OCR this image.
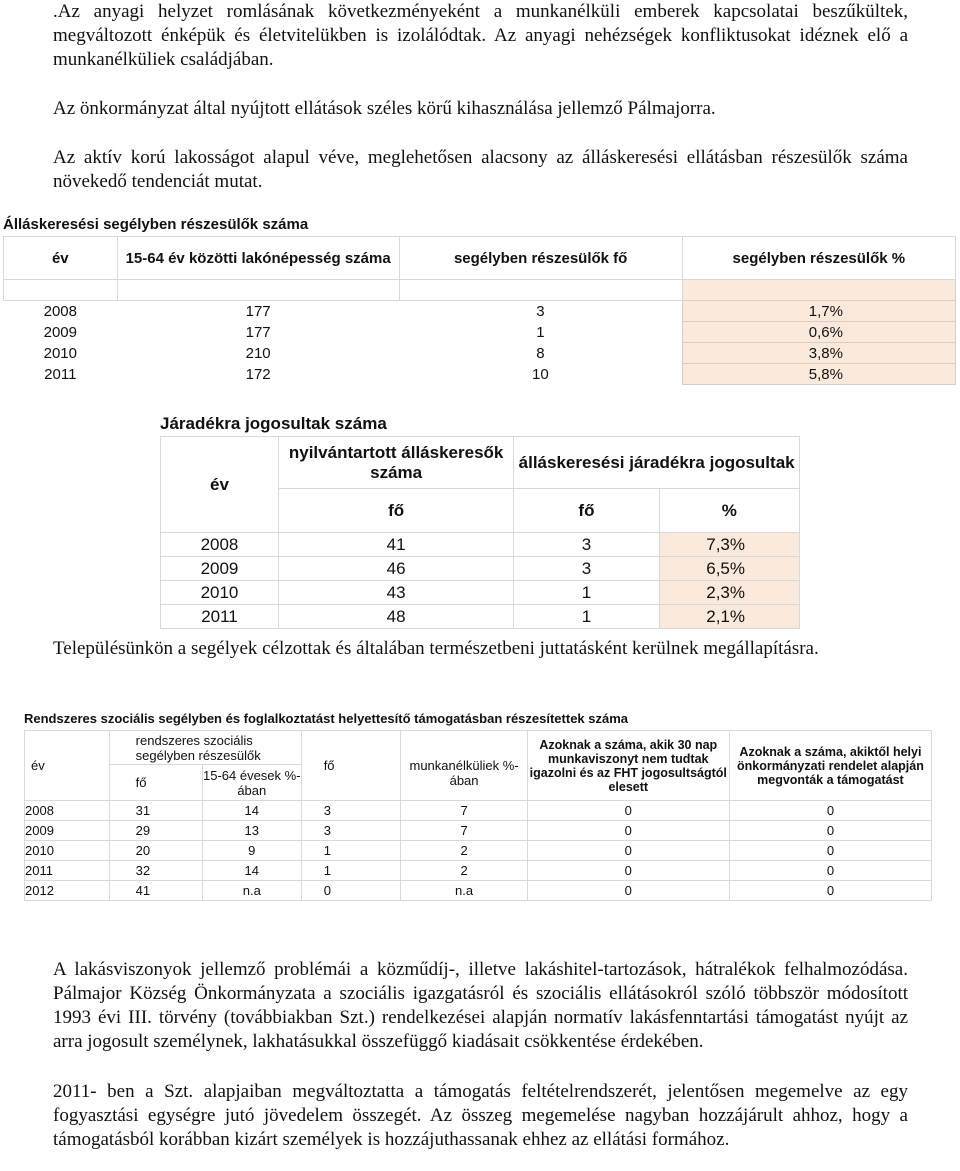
.Az anyagi helyzet romlásának következményeként a munkanélküli emberek kapcsolatai beszűkültek, megváltozott énképük és életvitelükben is izolálódtak. Az anyagi nehézségek konfliktusokat idéznek elő a munkanélküliek családjában.

Az önkormányzat által nyújtott ellátások széles körű kihasználása jellemző Pálmajorra.

Az aktív korú lakosságot alapul véve, meglehetősen alacsony az álláskeresési ellátásban részesülők száma növekedő tendenciát mutat.

Álláskeresési segélyben részesülők száma
év	15-64 év közötti lakónépesség száma	segélyben részesülők fő	segélyben részesülők %

2008	177	3	1,7%
2009	177	1	0,6%
2010	210	8	3,8%
2011	172	10	5,8%
Járadékra jogosultak száma
év	nyilvántartott álláskeresők száma	álláskeresési járadékra jogosultak	
	fő	fő	%
2008	41	3	7,3%
2009	46	3	6,5%
2010	43	1	2,3%
2011	48	1	2,1%

Településünkön a segélyek célzottak és általában természetbeni juttatásként kerülnek megállapításra.

Rendszeres szociális segélyben és foglalkoztatást helyettesítő támogatásban részesítettek száma
év	rendszeres szociális segélyben részesülők		fő	munkanélküliek %-ában	Azoknak a száma, akik 30 nap munkaviszonyt nem tudtak igazolni és az FHT jogosultságtól elesett	Azoknak a száma, akiktől helyi önkormányzati rendelet alapján megvonták a támogatást
	fő	15-64 évesek %-ában				
2008	31	14	3	7	0	0
2009	29	13	3	7	0	0
2010	20	9	1	2	0	0
2011	32	14	1	2	0	0
2012	41	n.a	0	n.a	0	0

A lakásviszonyok jellemző problémái a közműdíj-, illetve lakáshitel-tartozások, hátralékok felhalmozódása. Pálmajor Község Önkormányzata a szociális igazgatásról és szociális ellátásokról szóló többször módosított 1993 évi III. törvény (továbbiakban Szt.) rendelkezései alapján normatív lakásfenntartási támogatást nyújt az arra jogosult személynek, lakhatásukkal összefüggő kiadásait csökkentése érdekében.

2011- ben a Szt. alapjaiban megváltoztatta a támogatás feltételrendszerét, jelentősen megemelve az egy fogyasztási egységre jutó jövedelem összegét. Az összeg megemelése nagyban hozzájárult ahhoz, hogy a támogatásból korábban kizárt személyek is hozzájuthassanak ehhez az ellátási formához.
